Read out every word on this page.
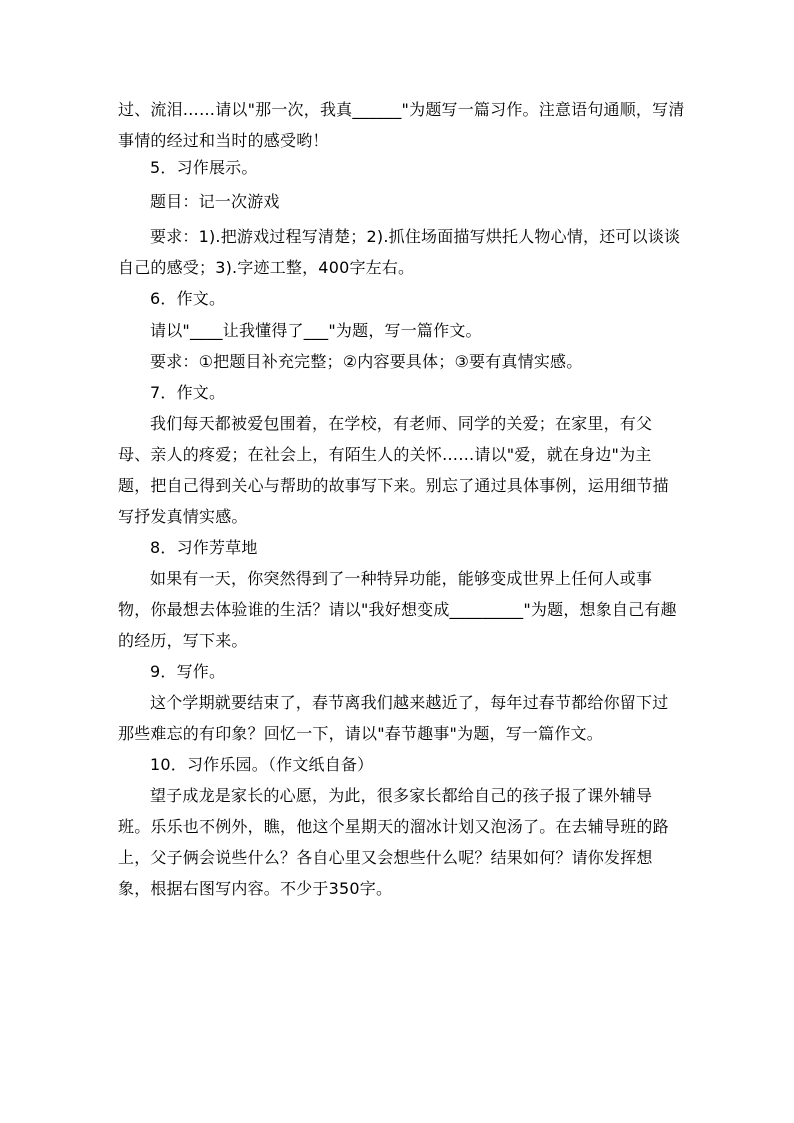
过、流泪……请以"那一次，我真______"为题写一篇习作。注意语句通顺，写清
事情的经过和当时的感受哟！
5．习作展示。
题目：记一次游戏
要求：1).把游戏过程写清楚；2).抓住场面描写烘托人物心情，还可以谈谈
自己的感受；3).字迹工整，400字左右。
6．作文。
请以"____让我懂得了___"为题，写一篇作文。
要求：①把题目补充完整；②内容要具体；③要有真情实感。
7．作文。
我们每天都被爱包围着，在学校，有老师、同学的关爱；在家里，有父
母、亲人的疼爱；在社会上，有陌生人的关怀……请以"爱，就在身边"为主
题，把自己得到关心与帮助的故事写下来。别忘了通过具体事例，运用细节描
写抒发真情实感。
8．习作芳草地
如果有一天，你突然得到了一种特异功能，能够变成世界上任何人或事
物，你最想去体验谁的生活？请以"我好想变成_________"为题，想象自己有趣
的经历，写下来。
9．写作。
这个学期就要结束了，春节离我们越来越近了，每年过春节都给你留下过
那些难忘的有印象？回忆一下，请以"春节趣事"为题，写一篇作文。
10．习作乐园。（作文纸自备）
望子成龙是家长的心愿，为此，很多家长都给自己的孩子报了课外辅导
班。乐乐也不例外，瞧，他这个星期天的溜冰计划又泡汤了。在去辅导班的路
上，父子俩会说些什么？各自心里又会想些什么呢？结果如何？请你发挥想
象，根据右图写内容。不少于350字。
